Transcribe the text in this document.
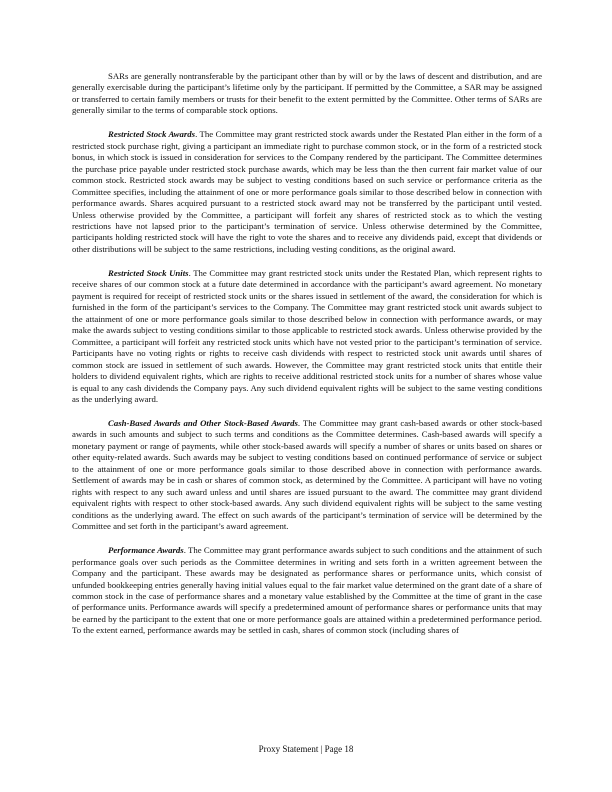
SARs are generally nontransferable by the participant other than by will or by the laws of descent and distribution, and are generally exercisable during the participant’s lifetime only by the participant. If permitted by the Committee, a SAR may be assigned or transferred to certain family members or trusts for their benefit to the extent permitted by the Committee. Other terms of SARs are generally similar to the terms of comparable stock options.

Restricted Stock Awards. The Committee may grant restricted stock awards under the Restated Plan either in the form of a restricted stock purchase right, giving a participant an immediate right to purchase common stock, or in the form of a restricted stock bonus, in which stock is issued in consideration for services to the Company rendered by the participant. The Committee determines the purchase price payable under restricted stock purchase awards, which may be less than the then current fair market value of our common stock. Restricted stock awards may be subject to vesting conditions based on such service or performance criteria as the Committee specifies, including the attainment of one or more performance goals similar to those described below in connection with performance awards. Shares acquired pursuant to a restricted stock award may not be transferred by the participant until vested. Unless otherwise provided by the Committee, a participant will forfeit any shares of restricted stock as to which the vesting restrictions have not lapsed prior to the participant’s termination of service. Unless otherwise determined by the Committee, participants holding restricted stock will have the right to vote the shares and to receive any dividends paid, except that dividends or other distributions will be subject to the same restrictions, including vesting conditions, as the original award.

Restricted Stock Units. The Committee may grant restricted stock units under the Restated Plan, which represent rights to receive shares of our common stock at a future date determined in accordance with the participant’s award agreement. No monetary payment is required for receipt of restricted stock units or the shares issued in settlement of the award, the consideration for which is furnished in the form of the participant’s services to the Company. The Committee may grant restricted stock unit awards subject to the attainment of one or more performance goals similar to those described below in connection with performance awards, or may make the awards subject to vesting conditions similar to those applicable to restricted stock awards. Unless otherwise provided by the Committee, a participant will forfeit any restricted stock units which have not vested prior to the participant’s termination of service. Participants have no voting rights or rights to receive cash dividends with respect to restricted stock unit awards until shares of common stock are issued in settlement of such awards. However, the Committee may grant restricted stock units that entitle their holders to dividend equivalent rights, which are rights to receive additional restricted stock units for a number of shares whose value is equal to any cash dividends the Company pays. Any such dividend equivalent rights will be subject to the same vesting conditions as the underlying award.

Cash-Based Awards and Other Stock-Based Awards. The Committee may grant cash-based awards or other stock-based awards in such amounts and subject to such terms and conditions as the Committee determines. Cash-based awards will specify a monetary payment or range of payments, while other stock-based awards will specify a number of shares or units based on shares or other equity-related awards. Such awards may be subject to vesting conditions based on continued performance of service or subject to the attainment of one or more performance goals similar to those described above in connection with performance awards. Settlement of awards may be in cash or shares of common stock, as determined by the Committee. A participant will have no voting rights with respect to any such award unless and until shares are issued pursuant to the award. The committee may grant dividend equivalent rights with respect to other stock-based awards. Any such dividend equivalent rights will be subject to the same vesting conditions as the underlying award. The effect on such awards of the participant’s termination of service will be determined by the Committee and set forth in the participant’s award agreement.

Performance Awards. The Committee may grant performance awards subject to such conditions and the attainment of such performance goals over such periods as the Committee determines in writing and sets forth in a written agreement between the Company and the participant. These awards may be designated as performance shares or performance units, which consist of unfunded bookkeeping entries generally having initial values equal to the fair market value determined on the grant date of a share of common stock in the case of performance shares and a monetary value established by the Committee at the time of grant in the case of performance units. Performance awards will specify a predetermined amount of performance shares or performance units that may be earned by the participant to the extent that one or more performance goals are attained within a predetermined performance period. To the extent earned, performance awards may be settled in cash, shares of common stock (including shares of

Proxy Statement | Page 18
